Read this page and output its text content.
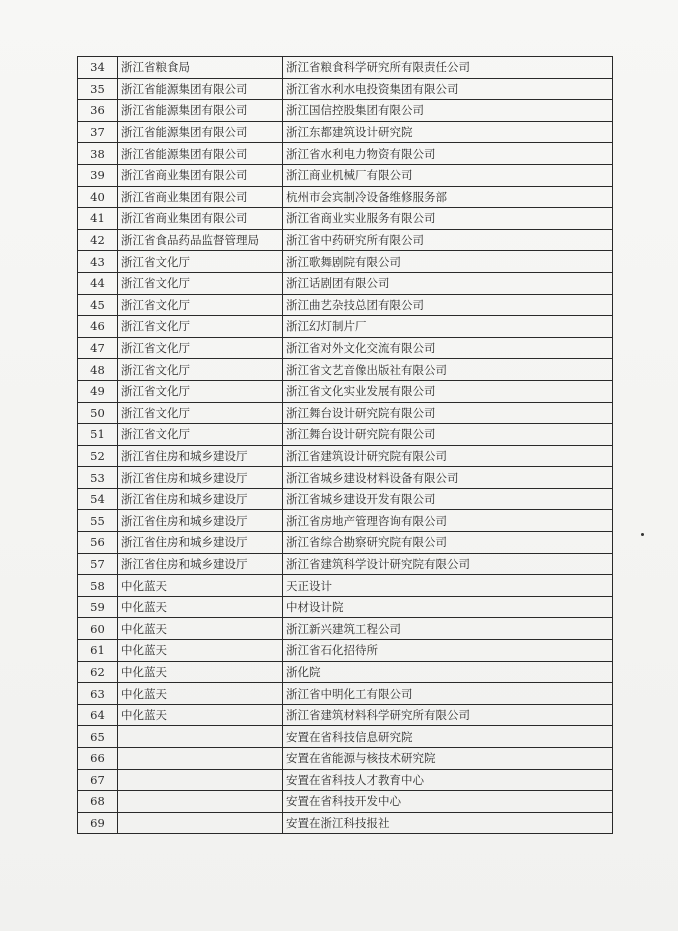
34	浙江省粮食局	浙江省粮食科学研究所有限责任公司
35	浙江省能源集团有限公司	浙江省水利水电投资集团有限公司
36	浙江省能源集团有限公司	浙江国信控股集团有限公司
37	浙江省能源集团有限公司	浙江东都建筑设计研究院
38	浙江省能源集团有限公司	浙江省水利电力物资有限公司
39	浙江省商业集团有限公司	浙江商业机械厂有限公司
40	浙江省商业集团有限公司	杭州市会宾制冷设备维修服务部
41	浙江省商业集团有限公司	浙江省商业实业服务有限公司
42	浙江省食品药品监督管理局	浙江省中药研究所有限公司
43	浙江省文化厅	浙江歌舞剧院有限公司
44	浙江省文化厅	浙江话剧团有限公司
45	浙江省文化厅	浙江曲艺杂技总团有限公司
46	浙江省文化厅	浙江幻灯制片厂
47	浙江省文化厅	浙江省对外文化交流有限公司
48	浙江省文化厅	浙江省文艺音像出版社有限公司
49	浙江省文化厅	浙江省文化实业发展有限公司
50	浙江省文化厅	浙江舞台设计研究院有限公司
51	浙江省文化厅	浙江舞台设计研究院有限公司
52	浙江省住房和城乡建设厅	浙江省建筑设计研究院有限公司
53	浙江省住房和城乡建设厅	浙江省城乡建设材料设备有限公司
54	浙江省住房和城乡建设厅	浙江省城乡建设开发有限公司
55	浙江省住房和城乡建设厅	浙江省房地产管理咨询有限公司
56	浙江省住房和城乡建设厅	浙江省综合勘察研究院有限公司
57	浙江省住房和城乡建设厅	浙江省建筑科学设计研究院有限公司
58	中化蓝天	天正设计
59	中化蓝天	中材设计院
60	中化蓝天	浙江新兴建筑工程公司
61	中化蓝天	浙江省石化招待所
62	中化蓝天	浙化院
63	中化蓝天	浙江省中明化工有限公司
64	中化蓝天	浙江省建筑材料科学研究所有限公司
65		安置在省科技信息研究院
66		安置在省能源与核技术研究院
67		安置在省科技人才教育中心
68		安置在省科技开发中心
69		安置在浙江科技报社
